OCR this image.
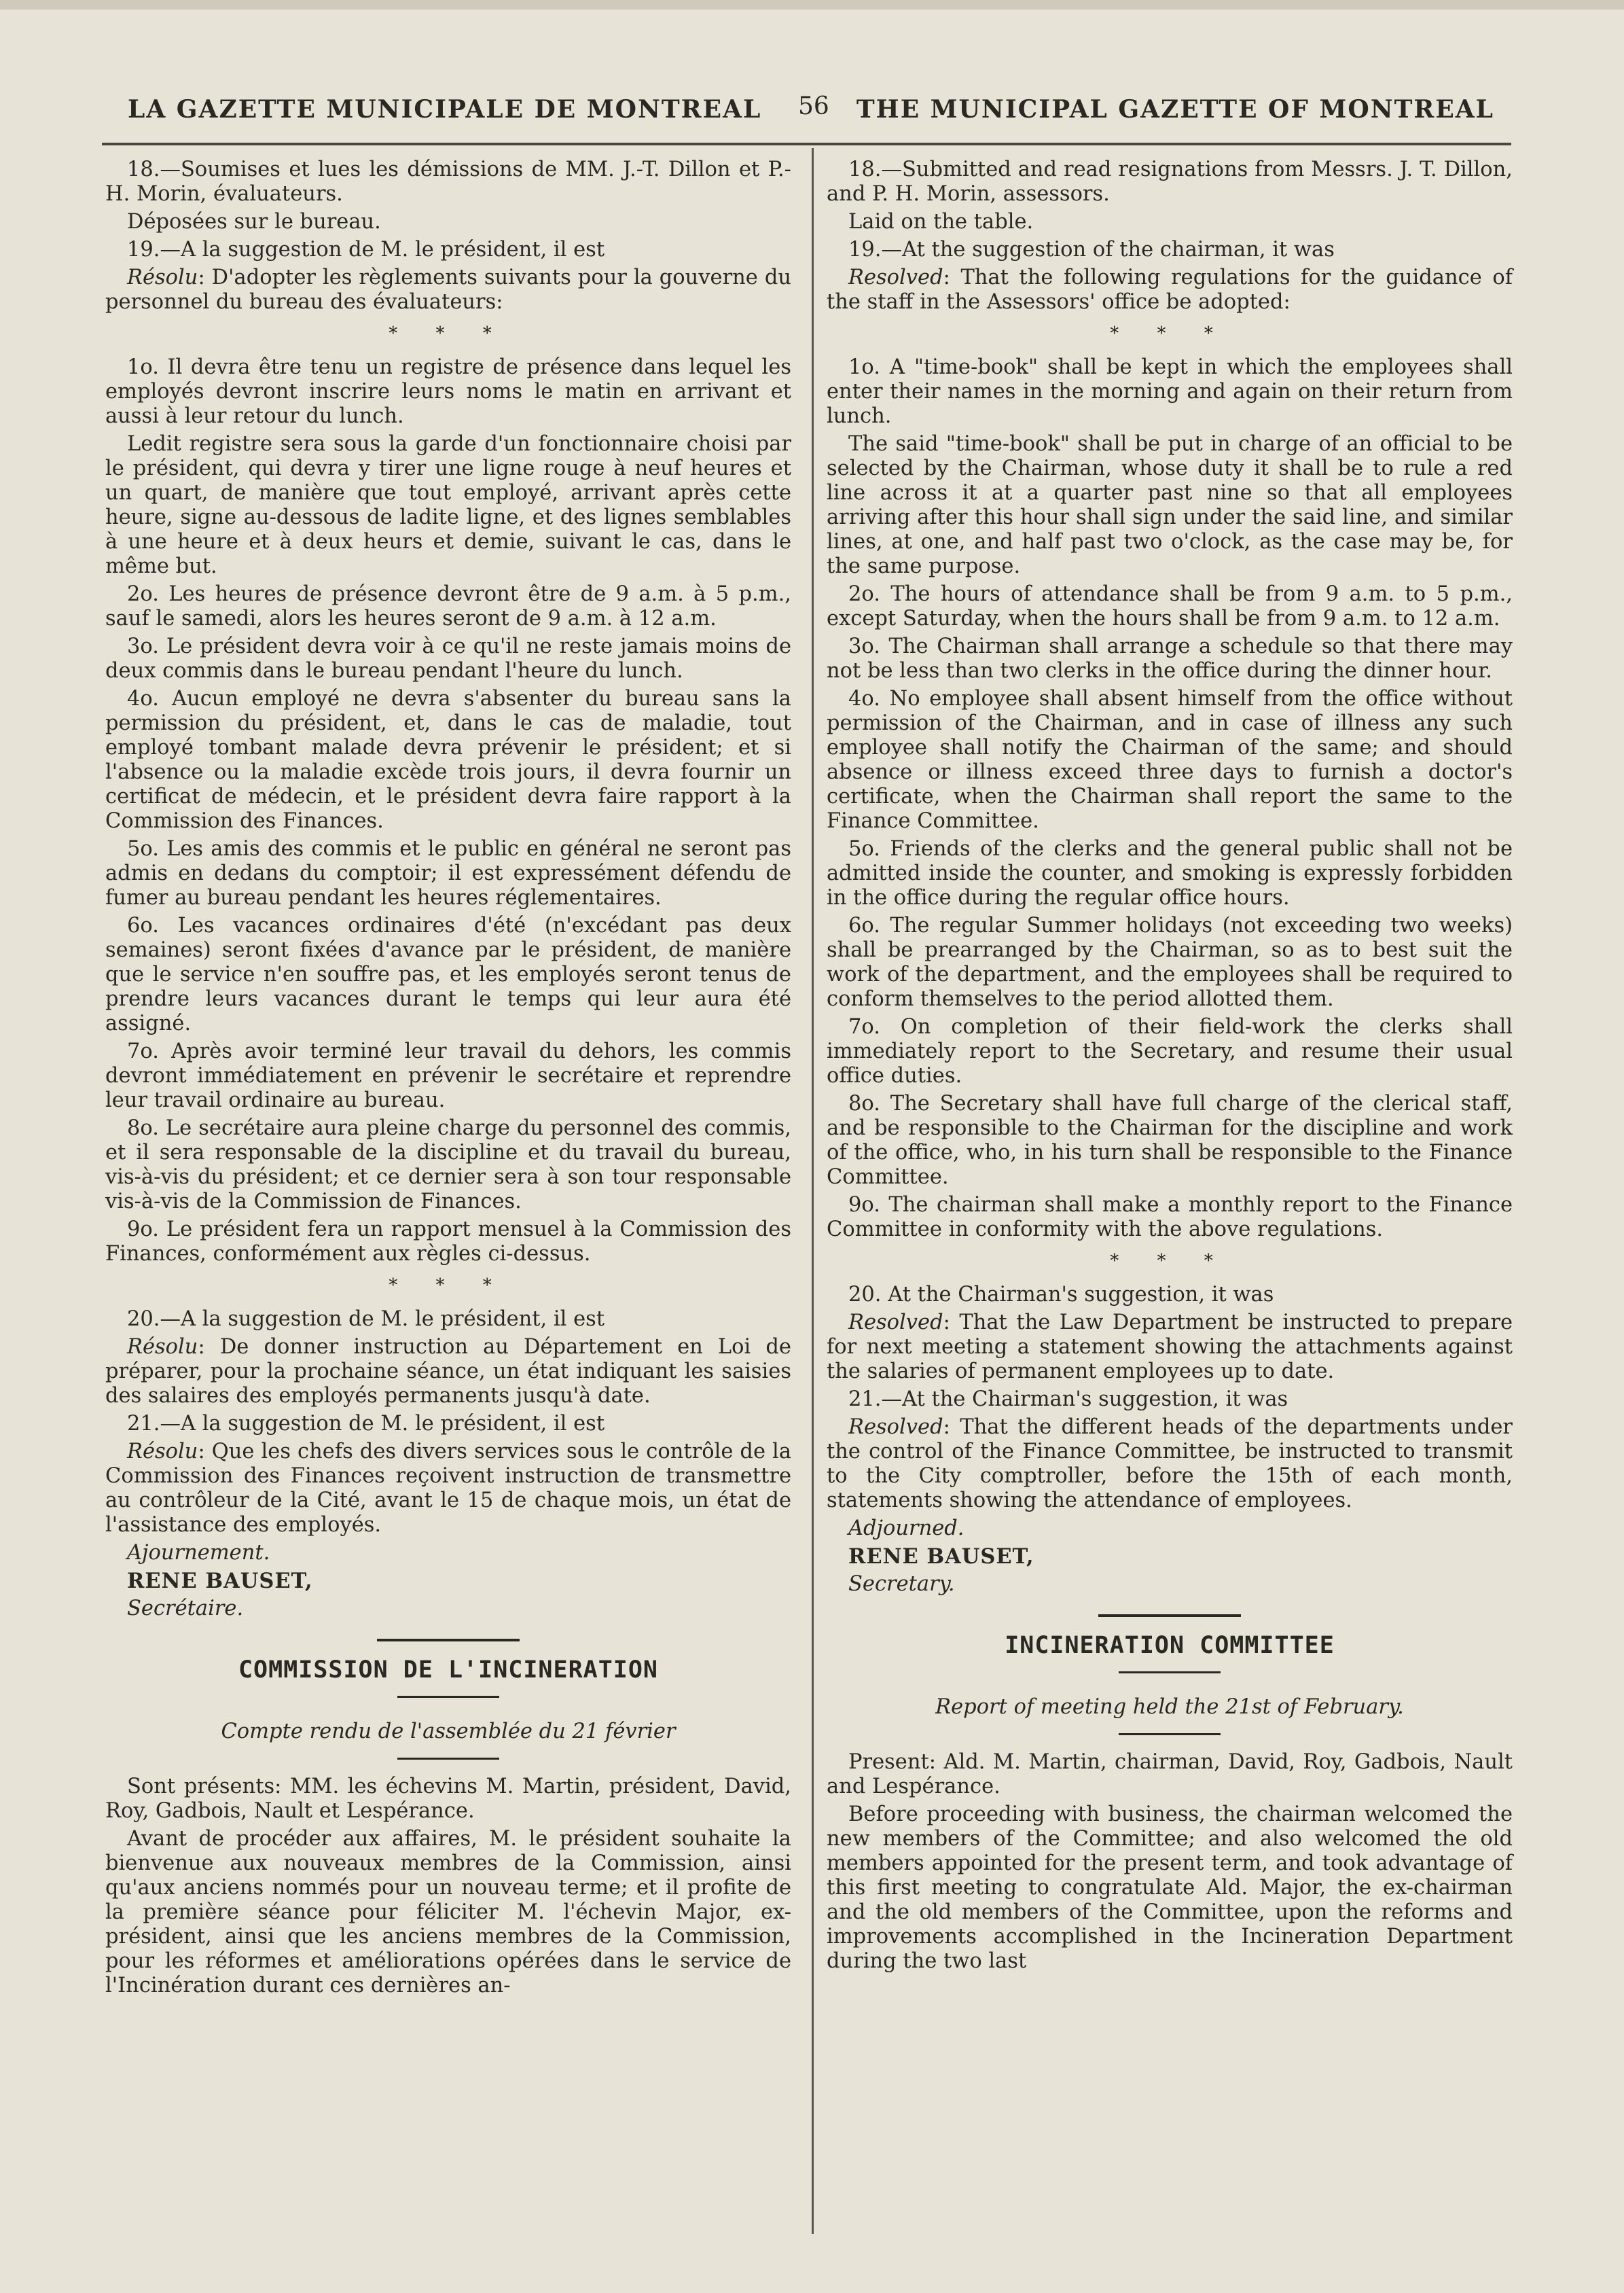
LA GAZETTE MUNICIPALE DE MONTREAL 56 THE MUNICIPAL GAZETTE OF MONTREAL

18.—Soumises et lues les démissions de MM. J.-T. Dillon et P.-H. Morin, évaluateurs.

Déposées sur le bureau.

19.—A la suggestion de M. le président, il est

Résolu: D'adopter les règlements suivants pour la gouverne du personnel du bureau des évaluateurs:

* * *

1o. Il devra être tenu un registre de présence dans lequel les employés devront inscrire leurs noms le matin en arrivant et aussi à leur retour du lunch.

Ledit registre sera sous la garde d'un fonctionnaire choisi par le président, qui devra y tirer une ligne rouge à neuf heures et un quart, de manière que tout employé, arrivant après cette heure, signe au-dessous de ladite ligne, et des lignes semblables à une heure et à deux heurs et demie, suivant le cas, dans le même but.

2o. Les heures de présence devront être de 9 a.m. à 5 p.m., sauf le samedi, alors les heures seront de 9 a.m. à 12 a.m.

3o. Le président devra voir à ce qu'il ne reste jamais moins de deux commis dans le bureau pendant l'heure du lunch.

4o. Aucun employé ne devra s'absenter du bureau sans la permission du président, et, dans le cas de maladie, tout employé tombant malade devra prévenir le président; et si l'absence ou la maladie excède trois jours, il devra fournir un certificat de médecin, et le président devra faire rapport à la Commission des Finances.

5o. Les amis des commis et le public en général ne seront pas admis en dedans du comptoir; il est expressément défendu de fumer au bureau pendant les heures réglementaires.

6o. Les vacances ordinaires d'été (n'excédant pas deux semaines) seront fixées d'avance par le président, de manière que le service n'en souffre pas, et les employés seront tenus de prendre leurs vacances durant le temps qui leur aura été assigné.

7o. Après avoir terminé leur travail du dehors, les commis devront immédiatement en prévenir le secrétaire et reprendre leur travail ordinaire au bureau.

8o. Le secrétaire aura pleine charge du personnel des commis, et il sera responsable de la discipline et du travail du bureau, vis-à-vis du président; et ce dernier sera à son tour responsable vis-à-vis de la Commission de Finances.

9o. Le président fera un rapport mensuel à la Commission des Finances, conformément aux règles ci-dessus.

* * *

20.—A la suggestion de M. le président, il est

Résolu: De donner instruction au Département en Loi de préparer, pour la prochaine séance, un état indiquant les saisies des salaires des employés permanents jusqu'à date.

21.—A la suggestion de M. le président, il est

Résolu: Que les chefs des divers services sous le contrôle de la Commission des Finances reçoivent instruction de transmettre au contrôleur de la Cité, avant le 15 de chaque mois, un état de l'assistance des employés.

Ajournement.

RENE BAUSET,

Secrétaire.

COMMISSION DE L'INCINERATION
Compte rendu de l'assemblée du 21 février

Sont présents: MM. les échevins M. Martin, président, David, Roy, Gadbois, Nault et Lespérance.

Avant de procéder aux affaires, M. le président souhaite la bienvenue aux nouveaux membres de la Commission, ainsi qu'aux anciens nommés pour un nouveau terme; et il profite de la première séance pour féliciter M. l'échevin Major, ex-président, ainsi que les anciens membres de la Commission, pour les réformes et améliorations opérées dans le service de l'Incinération durant ces dernières an-

18.—Submitted and read resignations from Messrs. J. T. Dillon, and P. H. Morin, assessors.

Laid on the table.

19.—At the suggestion of the chairman, it was

Resolved: That the following regulations for the guidance of the staff in the Assessors' office be adopted:

* * *

1o. A "time-book" shall be kept in which the employees shall enter their names in the morning and again on their return from lunch.

The said "time-book" shall be put in charge of an official to be selected by the Chairman, whose duty it shall be to rule a red line across it at a quarter past nine so that all employees arriving after this hour shall sign under the said line, and similar lines, at one, and half past two o'clock, as the case may be, for the same purpose.

2o. The hours of attendance shall be from 9 a.m. to 5 p.m., except Saturday, when the hours shall be from 9 a.m. to 12 a.m.

3o. The Chairman shall arrange a schedule so that there may not be less than two clerks in the office during the dinner hour.

4o. No employee shall absent himself from the office without permission of the Chairman, and in case of illness any such employee shall notify the Chairman of the same; and should absence or illness exceed three days to furnish a doctor's certificate, when the Chairman shall report the same to the Finance Committee.

5o. Friends of the clerks and the general public shall not be admitted inside the counter, and smoking is expressly forbidden in the office during the regular office hours.

6o. The regular Summer holidays (not exceeding two weeks) shall be prearranged by the Chairman, so as to best suit the work of the department, and the employees shall be required to conform themselves to the period allotted them.

7o. On completion of their field-work the clerks shall immediately report to the Secretary, and resume their usual office duties.

8o. The Secretary shall have full charge of the clerical staff, and be responsible to the Chairman for the discipline and work of the office, who, in his turn shall be responsible to the Finance Committee.

9o. The chairman shall make a monthly report to the Finance Committee in conformity with the above regulations.

* * *

20. At the Chairman's suggestion, it was

Resolved: That the Law Department be instructed to prepare for next meeting a statement showing the attachments against the salaries of permanent employees up to date.

21.—At the Chairman's suggestion, it was

Resolved: That the different heads of the departments under the control of the Finance Committee, be instructed to transmit to the City comptroller, before the 15th of each month, statements showing the attendance of employees.

Adjourned.

RENE BAUSET,

Secretary.

INCINERATION COMMITTEE
Report of meeting held the 21st of February.

Present: Ald. M. Martin, chairman, David, Roy, Gadbois, Nault and Lespérance.

Before proceeding with business, the chairman welcomed the new members of the Committee; and also welcomed the old members appointed for the present term, and took advantage of this first meeting to congratulate Ald. Major, the ex-chairman and the old members of the Committee, upon the reforms and improvements accomplished in the Incineration Department during the two last
